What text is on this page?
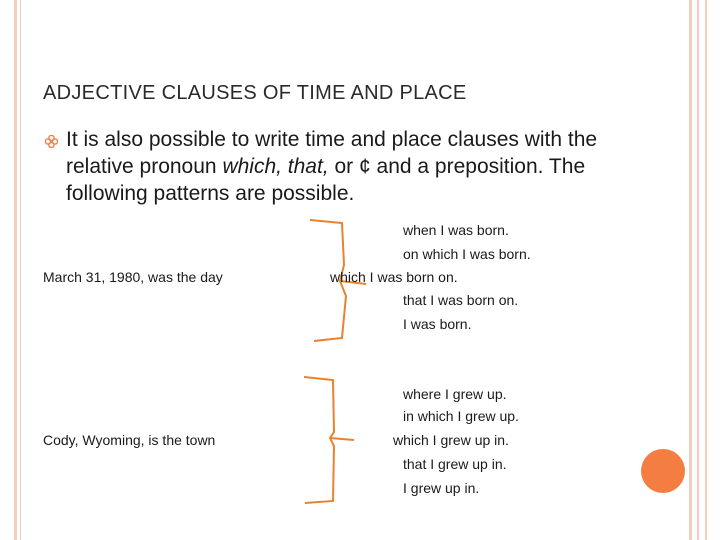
ADJECTIVE CLAUSES OF TIME AND PLACE
It is also possible to write time and place clauses with the relative pronoun which, that, or ¢ and a preposition. The following patterns are possible.
March 31, 1980, was the day
when I was born.
on which I was born.
which I was born on.
that I was born on.
I was born.
Cody, Wyoming, is the town
where I grew up.
in which I grew up.
which I grew up in.
that I grew up in.
I grew up in.
